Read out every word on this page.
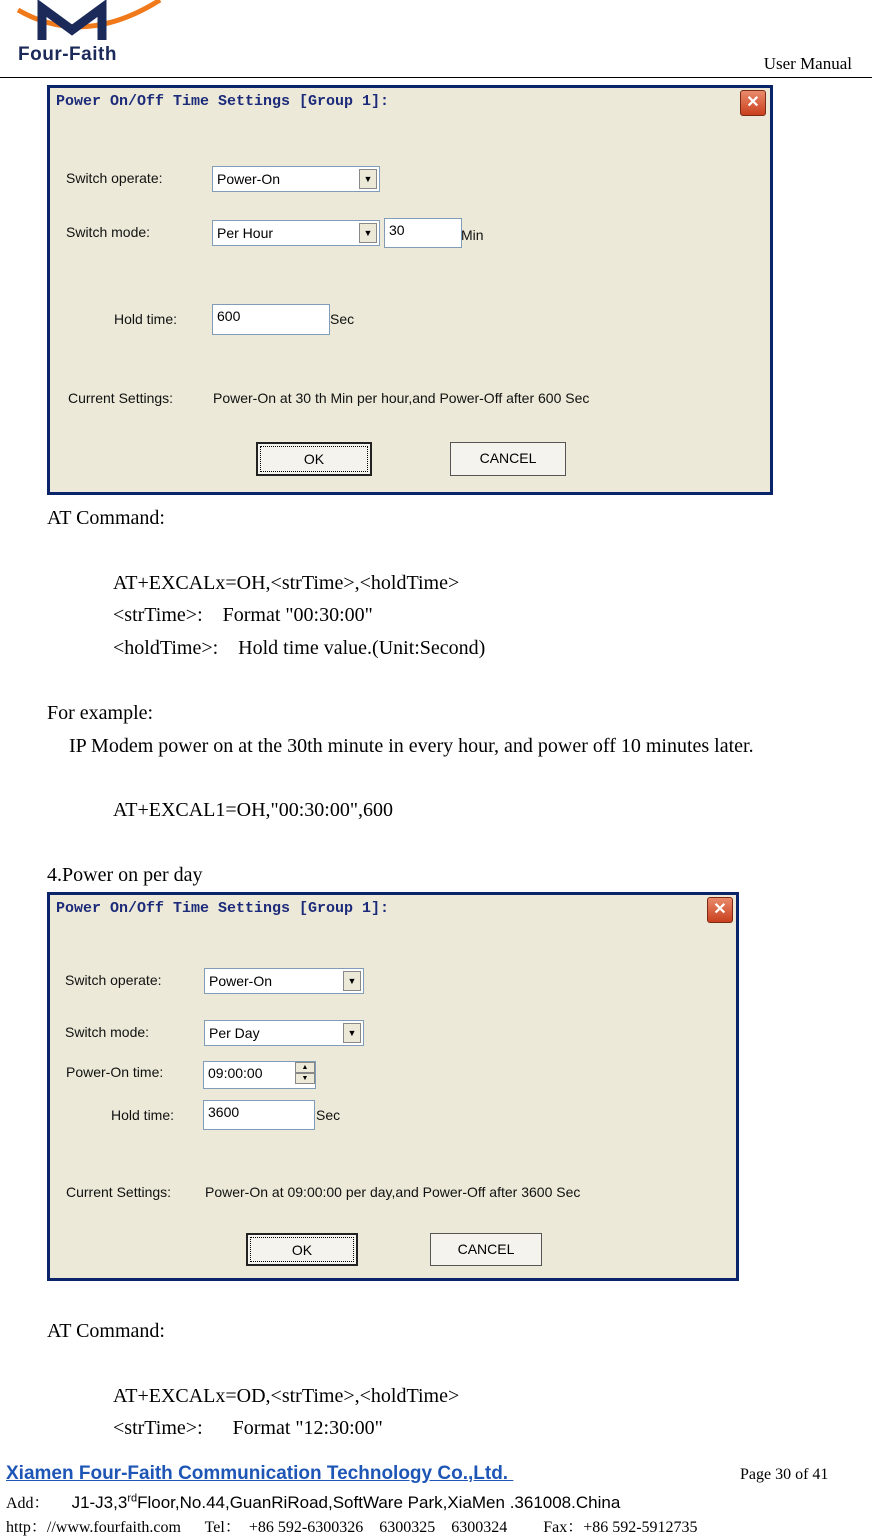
Four-Faith	User Manual
Power On/Off Time Settings [Group 1]:	✕
Switch operate:	Power-On	▼
Switch mode:	Per Hour	▼	30	Min
Hold time:	600	Sec
Current Settings:	Power-On at 30 th Min per hour,and Power-Off after 600 Sec
OK	CANCEL
AT Command:
AT+EXCALx=OH,<strTime>,<holdTime>
<strTime>:    Format "00:30:00"
<holdTime>:    Hold time value.(Unit:Second)
For example:
IP Modem power on at the 30th minute in every hour, and power off 10 minutes later.
AT+EXCAL1=OH,"00:30:00",600
4.Power on per day
Power On/Off Time Settings [Group 1]:	✕
Switch operate:	Power-On	▼
Switch mode:	Per Day	▼
Power-On time:	09:00:00	▲
▼
Hold time:	3600	Sec
Current Settings: Power-On at 09:00:00 per day,and Power-Off after 3600 Sec
OK	CANCEL
AT Command:
AT+EXCALx=OD,<strTime>,<holdTime>
<strTime>:      Format "12:30:00"
Xiamen Four-Faith Communication Technology Co.,Ltd.	Page 30 of 41
Add： J1-J3,3rdFloor,No.44,GuanRiRoad,SoftWare Park,XiaMen .361008.China
http：//www.fourfaith.com      Tel：  +86 592-6300326    6300325    6300324         Fax：+86 592-5912735
